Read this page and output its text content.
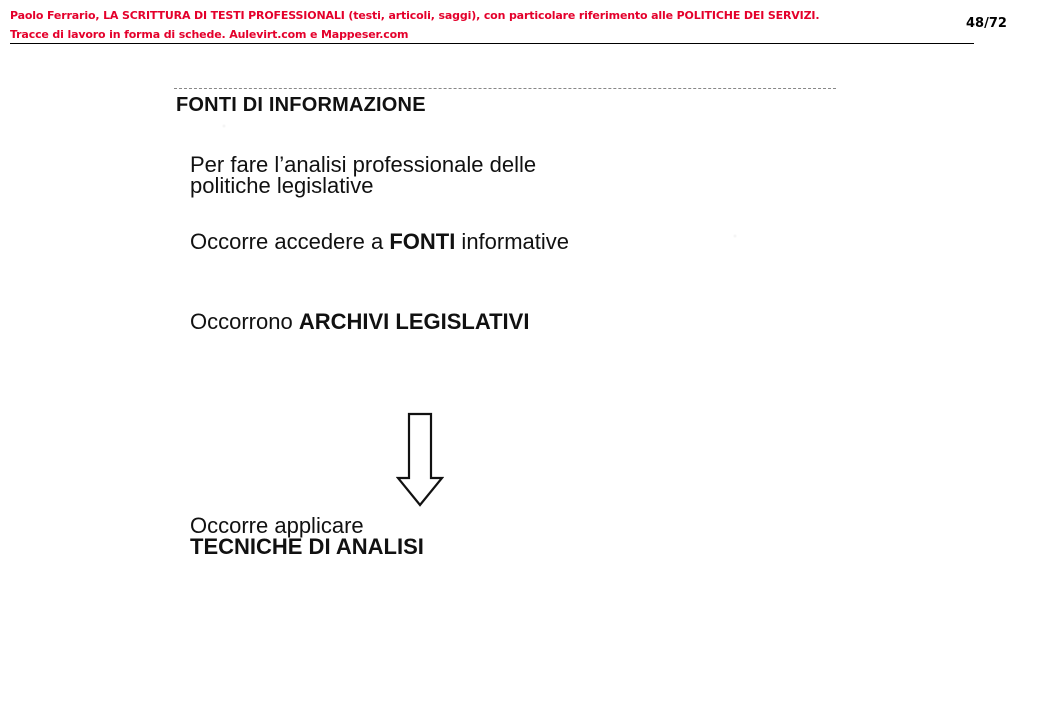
Paolo Ferrario, LA SCRITTURA DI TESTI PROFESSIONALI (testi, articoli, saggi), con particolare riferimento alle POLITICHE DEI SERVIZI.
Tracce di lavoro in forma di schede. Aulevirt.com e Mappeser.com
48/72
FONTI DI INFORMAZIONE
Per fare l’analisi professionale delle
politiche legislative
Occorre accedere a FONTI informative
Occorrono ARCHIVI LEGISLATIVI
Occorre applicare
TECNICHE DI ANALISI
